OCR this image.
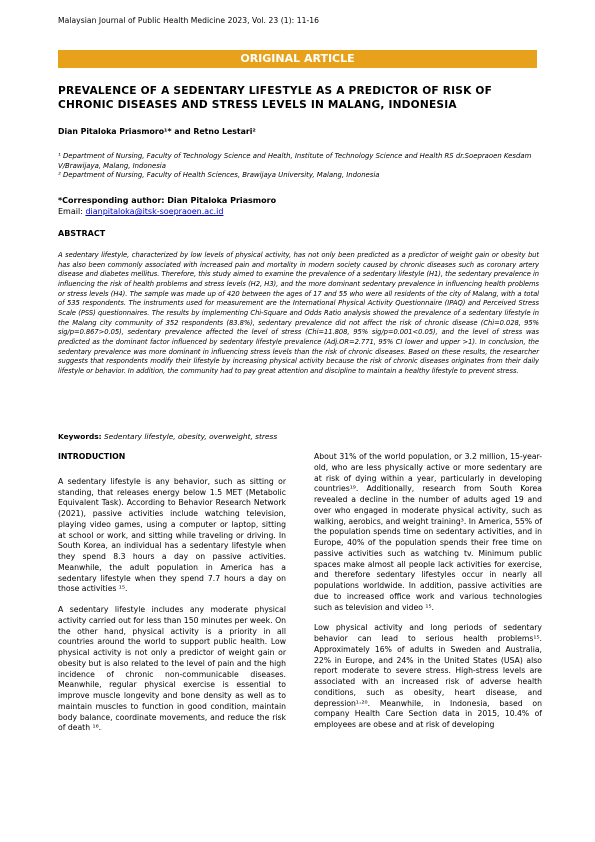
Malaysian Journal of Public Health Medicine 2023, Vol. 23 (1): 11-16
ORIGINAL ARTICLE
PREVALENCE OF A SEDENTARY LIFESTYLE AS A PREDICTOR OF RISK OF CHRONIC DISEASES AND STRESS LEVELS IN MALANG, INDONESIA
Dian Pitaloka Priasmoro¹* and Retno Lestari²
¹ Department of Nursing, Faculty of Technology Science and Health, Institute of Technology Science and Health RS dr.Soepraoen Kesdam V/Brawijaya, Malang, Indonesia
² Department of Nursing, Faculty of Health Sciences, Brawijaya University, Malang, Indonesia
*Corresponding author: Dian Pitaloka Priasmoro
Email: dianpitaloka@itsk-soepraoen.ac.id
ABSTRACT
A sedentary lifestyle, characterized by low levels of physical activity, has not only been predicted as a predictor of weight gain or obesity but has also been commonly associated with increased pain and mortality in modern society caused by chronic diseases such as coronary artery disease and diabetes mellitus. Therefore, this study aimed to examine the prevalence of a sedentary lifestyle (H1), the sedentary prevalence in influencing the risk of health problems and stress levels (H2, H3), and the more dominant sedentary prevalence in influencing health problems or stress levels (H4). The sample was made up of 420 between the ages of 17 and 55 who were all residents of the city of Malang, with a total of 535 respondents. The instruments used for measurement are the International Physical Activity Questionnaire (IPAQ) and Perceived Stress Scale (PSS) questionnaires. The results by implementing Chi-Square and Odds Ratio analysis showed the prevalence of a sedentary lifestyle in the Malang city community of 352 respondents (83.8%), sedentary prevalence did not affect the risk of chronic disease (Chi=0.028, 95% sig/p=0.867>0.05), sedentary prevalence affected the level of stress (Chi=11.808, 95% sig/p=0.001<0.05), and the level of stress was predicted as the dominant factor influenced by sedentary lifestyle prevalence (Adj.OR=2.771, 95% CI lower and upper >1). In conclusion, the sedentary prevalence was more dominant in influencing stress levels than the risk of chronic diseases. Based on these results, the researcher suggests that respondents modify their lifestyle by increasing physical activity because the risk of chronic diseases originates from their daily lifestyle or behavior. In addition, the community had to pay great attention and discipline to maintain a healthy lifestyle to prevent stress.
Keywords: Sedentary lifestyle, obesity, overweight, stress
INTRODUCTION

A sedentary lifestyle is any behavior, such as sitting or standing, that releases energy below 1.5 MET (Metabolic Equivalent Task). According to Behavior Research Network (2021), passive activities include watching television, playing video games, using a computer or laptop, sitting at school or work, and sitting while traveling or driving. In South Korea, an individual has a sedentary lifestyle when they spend 8.3 hours a day on passive activities. Meanwhile, the adult population in America has a sedentary lifestyle when they spend 7.7 hours a day on those activities ¹⁵.

A sedentary lifestyle includes any moderate physical activity carried out for less than 150 minutes per week. On the other hand, physical activity is a priority in all countries around the world to support public health. Low physical activity is not only a predictor of weight gain or obesity but is also related to the level of pain and the high incidence of chronic non-communicable diseases. Meanwhile, regular physical exercise is essential to improve muscle longevity and bone density as well as to maintain muscles to function in good condition, maintain body balance, coordinate movements, and reduce the risk of death ¹⁶.

About 31% of the world population, or 3.2 million, 15-year-old, who are less physically active or more sedentary are at risk of dying within a year, particularly in developing countries¹⁹. Additionally, research from South Korea revealed a decline in the number of adults aged 19 and over who engaged in moderate physical activity, such as walking, aerobics, and weight training³. In America, 55% of the population spends time on sedentary activities, and in Europe, 40% of the population spends their free time on passive activities such as watching tv. Minimum public spaces make almost all people lack activities for exercise, and therefore sedentary lifestyles occur in nearly all populations worldwide. In addition, passive activities are due to increased office work and various technologies such as television and video ¹⁵.

Low physical activity and long periods of sedentary behavior can lead to serious health problems¹⁵. Approximately 16% of adults in Sweden and Australia, 22% in Europe, and 24% in the United States (USA) also report moderate to severe stress. High-stress levels are associated with an increased risk of adverse health conditions, such as obesity, heart disease, and depression¹·²⁰. Meanwhile, in Indonesia, based on company Health Care Section data in 2015, 10.4% of employees are obese and at risk of developing
